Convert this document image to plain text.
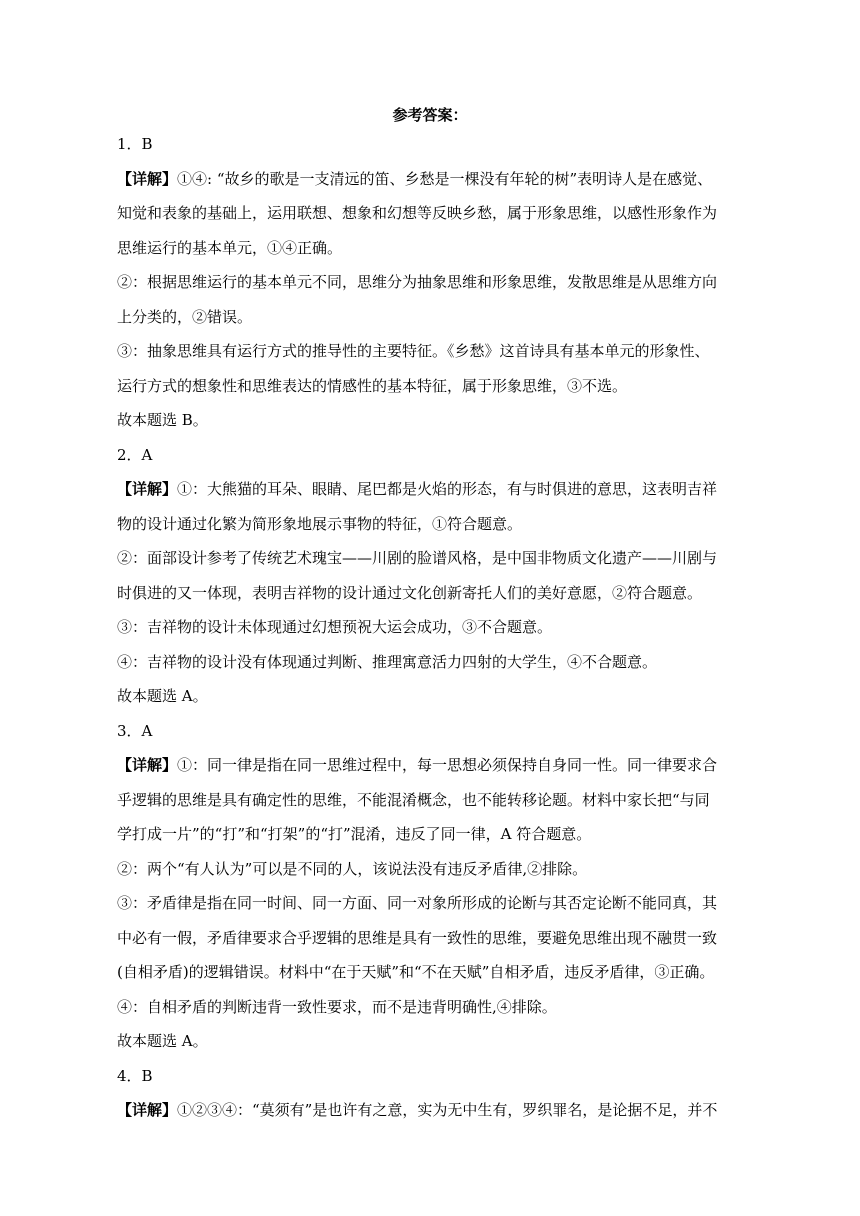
参考答案：
1．B
【详解】①④: “故乡的歌是一支清远的笛、乡愁是一棵没有年轮的树”表明诗人是在感觉、
知觉和表象的基础上，运用联想、想象和幻想等反映乡愁，属于形象思维，以感性形象作为
思维运行的基本单元，①④正确。
②：根据思维运行的基本单元不同，思维分为抽象思维和形象思维，发散思维是从思维方向
上分类的，②错误。
③：抽象思维具有运行方式的推导性的主要特征。《乡愁》这首诗具有基本单元的形象性、
运行方式的想象性和思维表达的情感性的基本特征，属于形象思维，③不选。
故本题选 B。
2．A
【详解】①：大熊猫的耳朵、眼睛、尾巴都是火焰的形态，有与时俱进的意思，这表明吉祥
物的设计通过化繁为简形象地展示事物的特征，①符合题意。
②：面部设计参考了传统艺术瑰宝——川剧的脸谱风格，是中国非物质文化遗产——川剧与
时俱进的又一体现，表明吉祥物的设计通过文化创新寄托人们的美好意愿，②符合题意。
③：吉祥物的设计未体现通过幻想预祝大运会成功，③不合题意。
④：吉祥物的设计没有体现通过判断、推理寓意活力四射的大学生，④不合题意。
故本题选 A。
3．A
【详解】①：同一律是指在同一思维过程中，每一思想必须保持自身同一性。同一律要求合
乎逻辑的思维是具有确定性的思维，不能混淆概念，也不能转移论题。材料中家长把“与同
学打成一片”的“打”和“打架”的“打”混淆，违反了同一律，A 符合题意。
②：两个“有人认为”可以是不同的人，该说法没有违反矛盾律,②排除。
③：矛盾律是指在同一时间、同一方面、同一对象所形成的论断与其否定论断不能同真，其
中必有一假，矛盾律要求合乎逻辑的思维是具有一致性的思维，要避免思维出现不融贯一致
(自相矛盾)的逻辑错误。材料中“在于天赋”和“不在天赋”自相矛盾，违反矛盾律，③正确。
④：自相矛盾的判断违背一致性要求，而不是违背明确性,④排除。
故本题选 A。
4．B
【详解】①②③④：“莫须有”是也许有之意，实为无中生有，罗织罪名，是论据不足，并不
